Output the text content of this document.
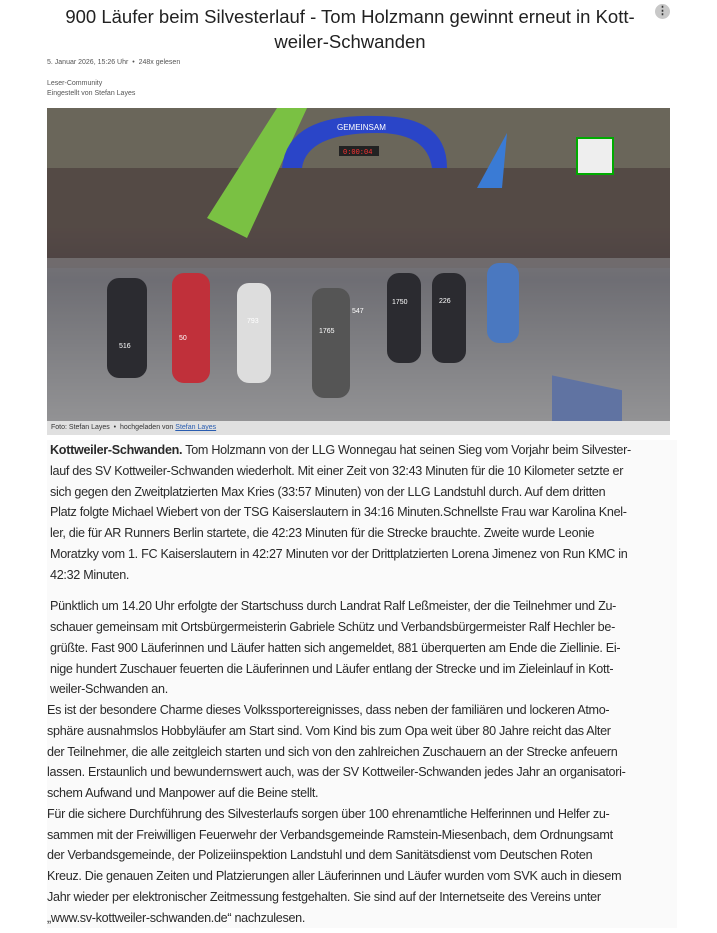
900 Läufer beim Silvesterlauf - Tom Holzmann gewinnt erneut in Kott-
weiler-Schwanden
⋮
5. Januar 2026, 15:26 Uhr • 248x gelesen
Leser-Community
Eingestellt von Stefan Layes
GEMEINSAM
0:00:04
516
50
793
1765
226
1750
547
Foto: Stefan Layes • hochgeladen von Stefan Layes
Kottweiler-Schwanden. Tom Holzmann von der LLG Wonnegau hat seinen Sieg vom Vorjahr beim Silvester-
lauf des SV Kottweiler-Schwanden wiederholt. Mit einer Zeit von 32:43 Minuten für die 10 Kilometer setzte er
sich gegen den Zweitplatzierten Max Kries (33:57 Minuten) von der LLG Landstuhl durch. Auf dem dritten
Platz folgte Michael Wiebert von der TSG Kaiserslautern in 34:16 Minuten.Schnellste Frau war Karolina Knel-
ler, die für AR Runners Berlin startete, die 42:23 Minuten für die Strecke brauchte. Zweite wurde Leonie
Moratzky vom 1. FC Kaiserslautern in 42:27 Minuten vor der Drittplatzierten Lorena Jimenez von Run KMC in
42:32 Minuten.
Pünktlich um 14.20 Uhr erfolgte der Startschuss durch Landrat Ralf Leßmeister, der die Teilnehmer und Zu-
schauer gemeinsam mit Ortsbürgermeisterin Gabriele Schütz und Verbandsbürgermeister Ralf Hechler be-
grüßte. Fast 900 Läuferinnen und Läufer hatten sich angemeldet, 881 überquerten am Ende die Ziellinie. Ei-
nige hundert Zuschauer feuerten die Läuferinnen und Läufer entlang der Strecke und im Zieleinlauf in Kott-
weiler-Schwanden an.
Es ist der besondere Charme dieses Volkssportereignisses, dass neben der familiären und lockeren Atmo-
sphäre ausnahmslos Hobbyläufer am Start sind. Vom Kind bis zum Opa weit über 80 Jahre reicht das Alter
der Teilnehmer, die alle zeitgleich starten und sich von den zahlreichen Zuschauern an der Strecke anfeuern
lassen. Erstaunlich und bewundernswert auch, was der SV Kottweiler-Schwanden jedes Jahr an organisatori-
schem Aufwand und Manpower auf die Beine stellt.
Für die sichere Durchführung des Silvesterlaufs sorgen über 100 ehrenamtliche Helferinnen und Helfer zu-
sammen mit der Freiwilligen Feuerwehr der Verbandsgemeinde Ramstein-Miesenbach, dem Ordnungsamt
der Verbandsgemeinde, der Polizeiinspektion Landstuhl und dem Sanitätsdienst vom Deutschen Roten
Kreuz. Die genauen Zeiten und Platzierungen aller Läuferinnen und Läufer wurden vom SVK auch in diesem
Jahr wieder per elektronischer Zeitmessung festgehalten. Sie sind auf der Internetseite des Vereins unter
„www.sv-kottweiler-schwanden.de“ nachzulesen.
